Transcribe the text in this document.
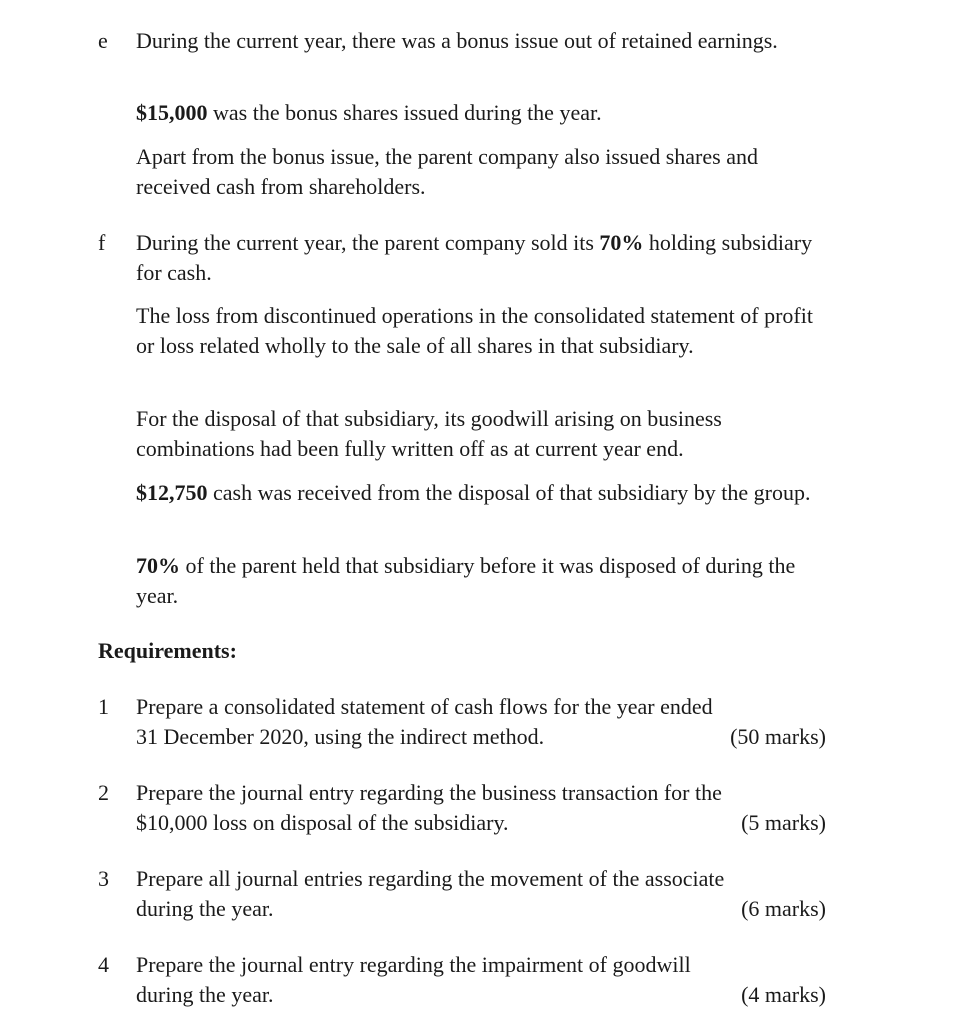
e	During the current year, there was a bonus issue out of retained earnings.

$15,000 was the bonus shares issued during the year.

Apart from the bonus issue, the parent company also issued shares and received cash from shareholders.

f	During the current year, the parent company sold its 70% holding subsidiary for cash.

The loss from discontinued operations in the consolidated statement of profit or loss related wholly to the sale of all shares in that subsidiary.

For the disposal of that subsidiary, its goodwill arising on business combinations had been fully written off as at current year end.

$12,750 cash was received from the disposal of that subsidiary by the group.

70% of the parent held that subsidiary before it was disposed of during the year.

Requirements:
1	Prepare a consolidated statement of cash flows for the year ended
31 December 2020, using the indirect method.	(50 marks)
2	Prepare the journal entry regarding the business transaction for the
$10,000 loss on disposal of the subsidiary.	(5 marks)
3	Prepare all journal entries regarding the movement of the associate
during the year.	(6 marks)
4	Prepare the journal entry regarding the impairment of goodwill
during the year.	(4 marks)
